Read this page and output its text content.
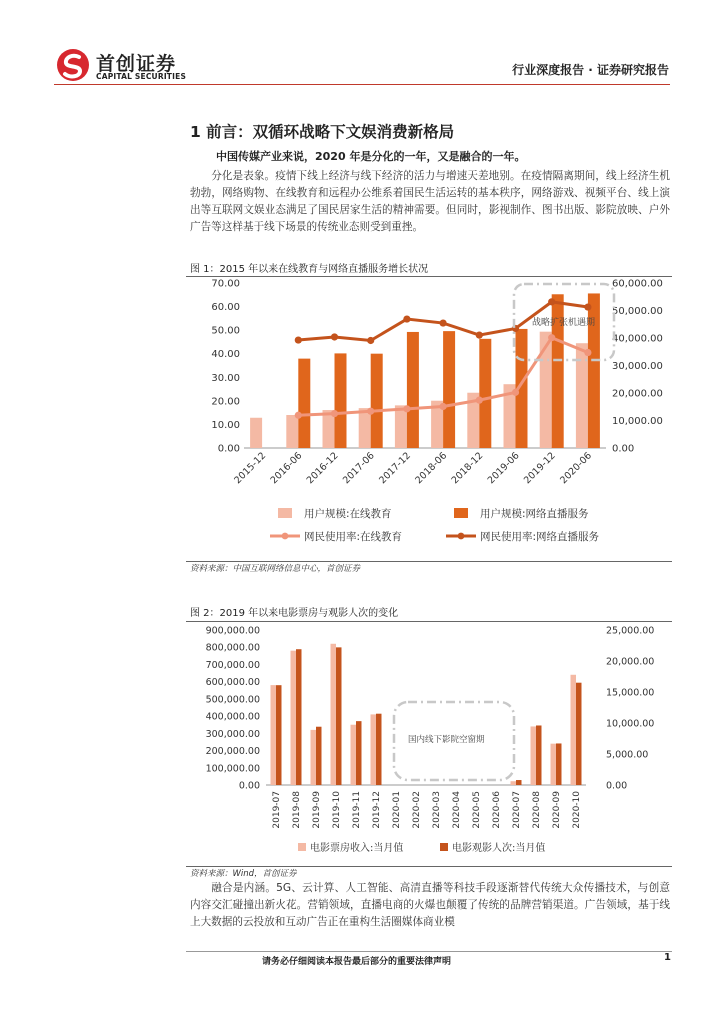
首创证券
CAPITAL SECURITIES	行业深度报告 · 证券研究报告
1 前言：双循环战略下文娱消费新格局
中国传媒产业来说，2020 年是分化的一年，又是融合的一年。
分化是表象。疫情下线上经济与线下经济的活力与增速天差地别。在疫情隔离期间，线上经济生机勃勃，网络购物、在线教育和远程办公维系着国民生活运转的基本秩序，网络游戏、视频平台、线上演出等互联网文娱业态满足了国民居家生活的精神需要。但同时，影视制作、图书出版、影院放映、户外广告等这样基于线下场景的传统业态则受到重挫。
图 1：2015 年以来在线教育与网络直播服务增长状况
0.00
10.00
20.00
30.00
40.00
50.00
60.00
70.00
0.00
10,000.00
20,000.00
30,000.00
40,000.00
50,000.00
60,000.00
2015-12 2016-06 2016-12 2017-06 2017-12 2018-06 2018-12 2019-06 2019-12 2020-06
战略扩张机遇期
用户规模:在线教育	用户规模:网络直播服务
网民使用率:在线教育	网民使用率:网络直播服务
资料来源：中国互联网络信息中心，首创证券
图 2：2019 年以来电影票房与观影人次的变化
0.00
100,000.00
200,000.00
300,000.00
400,000.00
500,000.00
600,000.00
700,000.00
800,000.00
900,000.00
0.00
5,000.00
10,000.00
15,000.00
20,000.00
25,000.00
2019-07 2019-08 2019-09 2019-10 2019-11 2019-12 2020-01 2020-02 2020-03 2020-04 2020-05 2020-06 2020-07 2020-08 2020-09 2020-10
国内线下影院空窗期
电影票房收入:当月值	电影观影人次:当月值
资料来源：Wind，首创证券
融合是内涵。5G、云计算、人工智能、高清直播等科技手段逐渐替代传统大众传播技术，与创意内容交汇碰撞出新火花。营销领域，直播电商的火爆也颠覆了传统的品牌营销渠道。广告领域，基于线上大数据的云投放和互动广告正在重构生活圈媒体商业模
请务必仔细阅读本报告最后部分的重要法律声明	1
